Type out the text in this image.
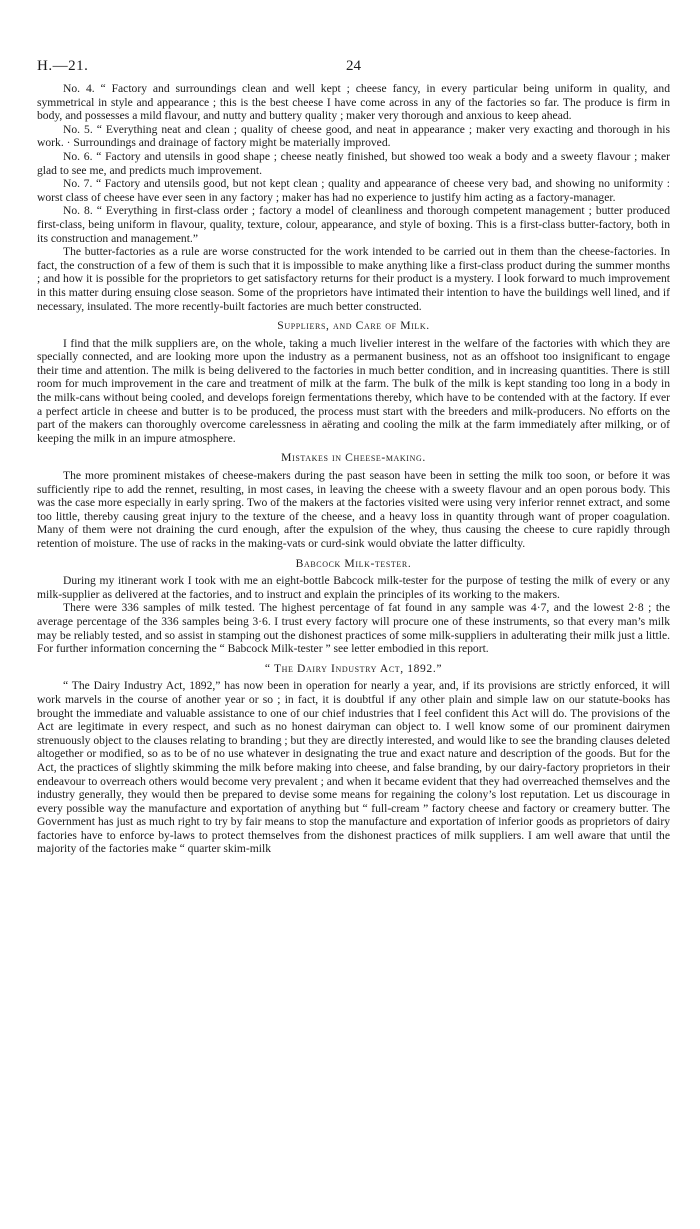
H.—21.	24

No. 4. “ Factory and surroundings clean and well kept ; cheese fancy, in every particular being uniform in quality, and symmetrical in style and appearance ; this is the best cheese I have come across in any of the factories so far. The produce is firm in body, and possesses a mild flavour, and nutty and buttery quality ; maker very thorough and anxious to keep ahead.

No. 5. “ Everything neat and clean ; quality of cheese good, and neat in appearance ; maker very exacting and thorough in his work. · Surroundings and drainage of factory might be materially improved.

No. 6. “ Factory and utensils in good shape ; cheese neatly finished, but showed too weak a body and a sweety flavour ; maker glad to see me, and predicts much improvement.

No. 7. “ Factory and utensils good, but not kept clean ; quality and appearance of cheese very bad, and showing no uniformity : worst class of cheese have ever seen in any factory ; maker has had no experience to justify him acting as a factory-manager.

No. 8. “ Everything in first-class order ; factory a model of cleanliness and thorough competent management ; butter produced first-class, being uniform in flavour, quality, texture, colour, appearance, and style of boxing. This is a first-class butter-factory, both in its construction and management.”

The butter-factories as a rule are worse constructed for the work intended to be carried out in them than the cheese-factories. In fact, the construction of a few of them is such that it is impossible to make anything like a first-class product during the summer months ; and how it is possible for the proprietors to get satisfactory returns for their product is a mystery. I look forward to much improvement in this matter during ensuing close season. Some of the proprietors have intimated their intention to have the buildings well lined, and if necessary, insulated. The more recently-built factories are much better constructed.

Suppliers, and Care of Milk.

I find that the milk suppliers are, on the whole, taking a much livelier interest in the welfare of the factories with which they are specially connected, and are looking more upon the industry as a permanent business, not as an offshoot too insignificant to engage their time and attention. The milk is being delivered to the factories in much better condition, and in increasing quantities. There is still room for much improvement in the care and treatment of milk at the farm. The bulk of the milk is kept standing too long in a body in the milk-cans without being cooled, and develops foreign fermentations thereby, which have to be contended with at the factory. If ever a perfect article in cheese and butter is to be produced, the process must start with the breeders and milk-producers. No efforts on the part of the makers can thoroughly overcome carelessness in aërating and cooling the milk at the farm immediately after milking, or of keeping the milk in an impure atmosphere.

Mistakes in Cheese-making.

The more prominent mistakes of cheese-makers during the past season have been in setting the milk too soon, or before it was sufficiently ripe to add the rennet, resulting, in most cases, in leaving the cheese with a sweety flavour and an open porous body. This was the case more especially in early spring. Two of the makers at the factories visited were using very inferior rennet extract, and some too little, thereby causing great injury to the texture of the cheese, and a heavy loss in quantity through want of proper coagulation. Many of them were not draining the curd enough, after the expulsion of the whey, thus causing the cheese to cure rapidly through retention of moisture. The use of racks in the making-vats or curd-sink would obviate the latter difficulty.

Babcock Milk-tester.

During my itinerant work I took with me an eight-bottle Babcock milk-tester for the purpose of testing the milk of every or any milk-supplier as delivered at the factories, and to instruct and explain the principles of its working to the makers.

There were 336 samples of milk tested. The highest percentage of fat found in any sample was 4·7, and the lowest 2·8 ; the average percentage of the 336 samples being 3·6. I trust every factory will procure one of these instruments, so that every man’s milk may be reliably tested, and so assist in stamping out the dishonest practices of some milk-suppliers in adulterating their milk just a little. For further information concerning the “ Babcock Milk-tester ” see letter embodied in this report.

“ The Dairy Industry Act, 1892.”

“ The Dairy Industry Act, 1892,” has now been in operation for nearly a year, and, if its provisions are strictly enforced, it will work marvels in the course of another year or so ; in fact, it is doubtful if any other plain and simple law on our statute-books has brought the immediate and valuable assistance to one of our chief industries that I feel confident this Act will do. The provisions of the Act are legitimate in every respect, and such as no honest dairyman can object to. I well know some of our prominent dairymen strenuously object to the clauses relating to branding ; but they are directly interested, and would like to see the branding clauses deleted altogether or modified, so as to be of no use whatever in designating the true and exact nature and description of the goods. But for the Act, the practices of slightly skimming the milk before making into cheese, and false branding, by our dairy-factory proprietors in their endeavour to overreach others would become very prevalent ; and when it became evident that they had overreached themselves and the industry generally, they would then be prepared to devise some means for regaining the colony’s lost reputation. Let us discourage in every possible way the manufacture and exportation of anything but “ full-cream ” factory cheese and factory or creamery butter. The Government has just as much right to try by fair means to stop the manufacture and exportation of inferior goods as proprietors of dairy factories have to enforce by-laws to protect themselves from the dishonest practices of milk suppliers. I am well aware that until the majority of the factories make “ quarter skim-milk
